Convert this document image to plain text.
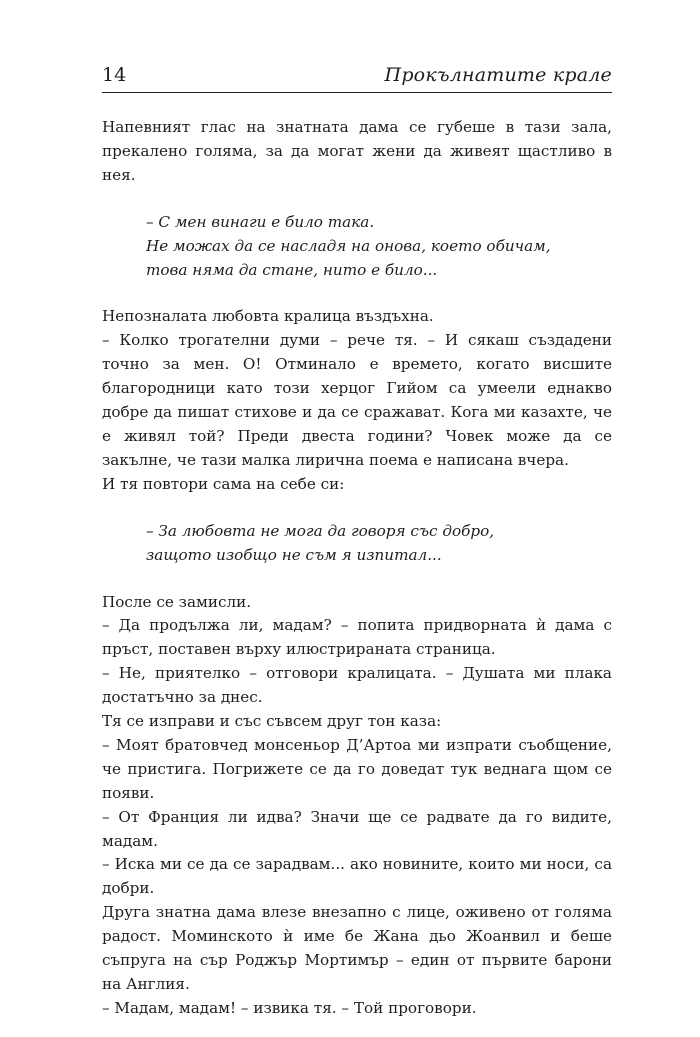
14	Прокълнатите крале

Напевният глас на знатната дама се губеше в тази зала, прекалено голяма, за да могат жени да живеят щастливо в нея.

– С мен винаги е било така.
Не можах да се насладя на онова, което обичам,
това няма да стане, нито е било...

Непозналата любовта кралица въздъхна.

– Колко трогателни думи – рече тя. – И сякаш създадени точно за мен. О! Отминало е времето, когато висшите благородници като този херцог Гийом са умеели еднакво добре да пишат стихове и да се сражават. Кога ми казахте, че е живял той? Преди двеста години? Човек може да се закълне, че тази малка лирична поема е написана вчера.

И тя повтори сама на себе си:

– За любовта не мога да говоря със добро,
защото изобщо не съм я изпитал...

После се замисли.

– Да продължа ли, мадам? – попита придворната ѝ дама с пръст, поставен върху илюстрираната страница.

– Не, приятелко – отговори кралицата. – Душата ми плака достатъчно за днес.

Тя се изправи и със съвсем друг тон каза:

– Моят братовчед монсеньор Д’Артоа ми изпрати съобщение, че пристига. Погрижете се да го доведат тук веднага щом се появи.

– От Франция ли идва? Значи ще се радвате да го видите, мадам.

– Иска ми се да се зарадвам... ако новините, които ми носи, са добри.

Друга знатна дама влезе внезапно с лице, оживено от голяма радост. Моминското ѝ име бе Жана дьо Жоанвил и беше съпруга на сър Роджър Мортимър – един от първите барони на Англия.

– Мадам, мадам! – извика тя. – Той проговори.
